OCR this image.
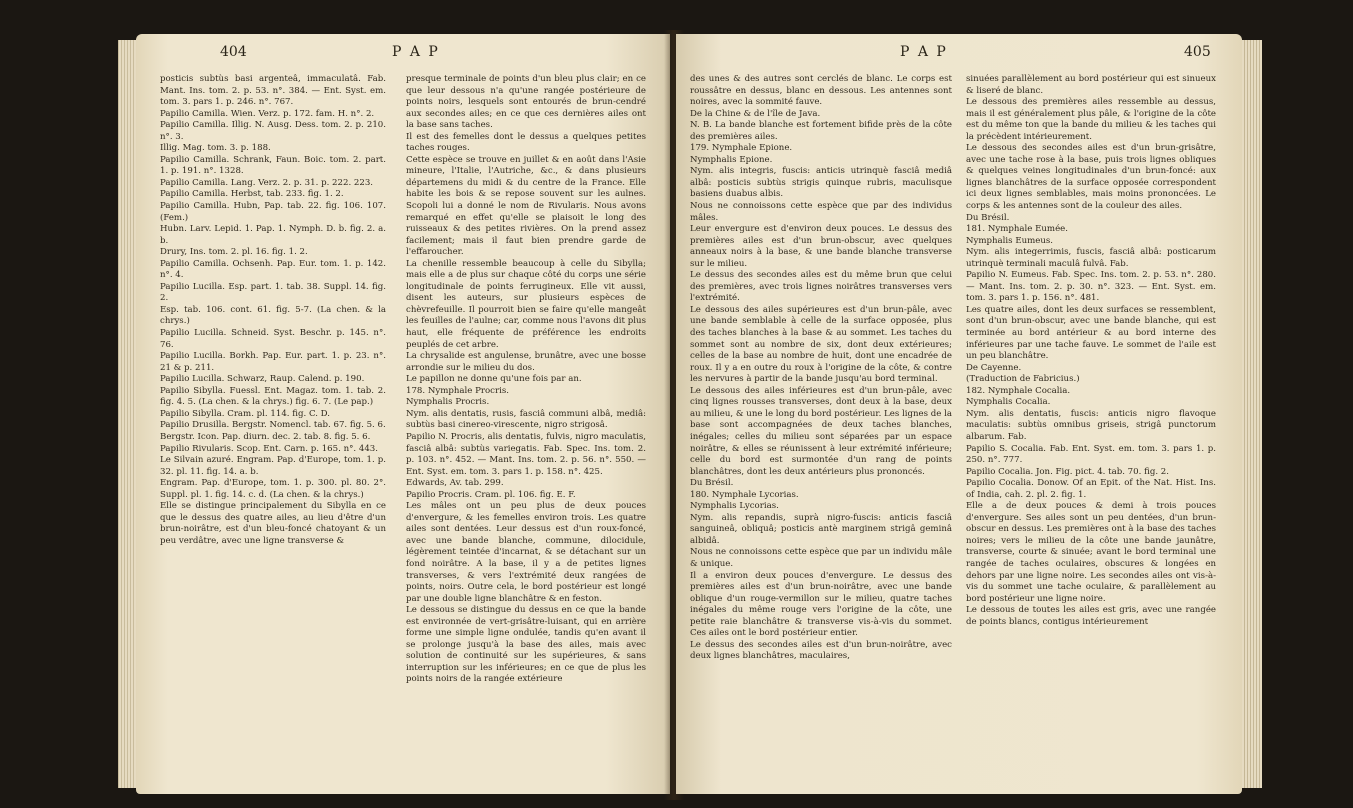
404	P A P

posticis subtùs basi argenteâ, immaculatâ. Fab. Mant. Ins. tom. 2. p. 53. n°. 384. — Ent. Syst. em. tom. 3. pars 1. p. 246. n°. 767.

Papilio Camilla. Wien. Verz. p. 172. fam. H. n°. 2.

Papilio Camilla. Illig. N. Ausg. Dess. tom. 2. p. 210. n°. 3.

Illig. Mag. tom. 3. p. 188.

Papilio Camilla. Schrank, Faun. Boic. tom. 2. part. 1. p. 191. n°. 1328.

Papilio Camilla. Lang. Verz. 2. p. 31. p. 222. 223.

Papilio Camilla. Herbst, tab. 233. fig. 1. 2.

Papilio Camilla. Hubn, Pap. tab. 22. fig. 106. 107. (Fem.)

Hubn. Larv. Lepid. 1. Pap. 1. Nymph. D. b. fig. 2. a. b.

Drury, Ins. tom. 2. pl. 16. fig. 1. 2.

Papilio Camilla. Ochsenh. Pap. Eur. tom. 1. p. 142. n°. 4.

Papilio Lucilla. Esp. part. 1. tab. 38. Suppl. 14. fig. 2.

Esp. tab. 106. cont. 61. fig. 5-7. (La chen. & la chrys.)

Papilio Lucilla. Schneid. Syst. Beschr. p. 145. n°. 76.

Papilio Lucilla. Borkh. Pap. Eur. part. 1. p. 23. n°. 21 & p. 211.

Papilio Lucilla. Schwarz, Raup. Calend. p. 190.

Papilio Sibylla. Fuessl. Ent. Magaz. tom. 1. tab. 2. fig. 4. 5. (La chen. & la chrys.) fig. 6. 7. (Le pap.)

Papilio Sibylla. Cram. pl. 114. fig. C. D.

Papilio Drusilla. Bergstr. Nomencl. tab. 67. fig. 5. 6.

Bergstr. Icon. Pap. diurn. dec. 2. tab. 8. fig. 5. 6.

Papilio Rivularis. Scop. Ent. Carn. p. 165. n°. 443.

Le Silvain azuré. Engram. Pap. d'Europe, tom. 1. p. 32. pl. 11. fig. 14. a. b.

Engram. Pap. d'Europe, tom. 1. p. 300. pl. 80. 2°. Suppl. pl. 1. fig. 14. c. d. (La chen. & la chrys.)

Elle se distingue principalement du Sibylla en ce que le dessus des quatre ailes, au lieu d'être d'un brun-noirâtre, est d'un bleu-foncé chatoyant & un peu verdâtre, avec une ligne transverse &

presque terminale de points d'un bleu plus clair; en ce que leur dessous n'a qu'une rangée postérieure de points noirs, lesquels sont entourés de brun-cendré aux secondes ailes; en ce que ces dernières ailes ont la base sans taches.

Il est des femelles dont le dessus a quelques petites taches rouges.

Cette espèce se trouve en juillet & en août dans l'Asie mineure, l'Italie, l'Autriche, &c., & dans plusieurs départemens du midi & du centre de la France. Elle habite les bois & se repose souvent sur les aulnes. Scopoli lui a donné le nom de Rivularis. Nous avons remarqué en effet qu'elle se plaisoit le long des ruisseaux & des petites rivières. On la prend assez facilement; mais il faut bien prendre garde de l'effaroucher.

La chenille ressemble beaucoup à celle du Sibylla; mais elle a de plus sur chaque côté du corps une série longitudinale de points ferrugineux. Elle vit aussi, disent les auteurs, sur plusieurs espèces de chèvrefeuille. Il pourroit bien se faire qu'elle mangeât les feuilles de l'aulne; car, comme nous l'avons dit plus haut, elle fréquente de préférence les endroits peuplés de cet arbre.

La chrysalide est angulense, brunâtre, avec une bosse arrondie sur le milieu du dos.

Le papillon ne donne qu'une fois par an.

178. Nymphale Procris.

Nymphalis Procris.

Nym. alis dentatis, rusis, fasciâ communi albâ, mediâ: subtùs basi cinereo-virescente, nigro strigosâ.

Papilio N. Procris, alis dentatis, fulvis, nigro maculatis, fasciâ albâ: subtùs variegatis. Fab. Spec. Ins. tom. 2. p. 103. n°. 452. — Mant. Ins. tom. 2. p. 56. n°. 550. — Ent. Syst. em. tom. 3. pars 1. p. 158. n°. 425.

Edwards, Av. tab. 299.

Papilio Procris. Cram. pl. 106. fig. E. F.

Les mâles ont un peu plus de deux pouces d'envergure, & les femelles environ trois. Les quatre ailes sont dentées. Leur dessus est d'un roux-foncé, avec une bande blanche, commune, dilocidule, légèrement teintée d'incarnat, & se détachant sur un fond noirâtre. A la base, il y a de petites lignes transverses, & vers l'extrémité deux rangées de points, noirs. Outre cela, le bord postérieur est longé par une double ligne blanchâtre & en feston.

Le dessous se distingue du dessus en ce que la bande est environnée de vert-grisâtre-luisant, qui en arrière forme une simple ligne ondulée, tandis qu'en avant il se prolonge jusqu'à la base des ailes, mais avec solution de continuité sur les supérieures, & sans interruption sur les inférieures; en ce que de plus les points noirs de la rangée extérieure

P A P	405

des unes & des autres sont cerclés de blanc. Le corps est roussâtre en dessus, blanc en dessous. Les antennes sont noires, avec la sommité fauve.

De la Chine & de l'île de Java.

N. B. La bande blanche est fortement bifide près de la côte des premières ailes.

179. Nymphale Epione.

Nymphalis Epione.

Nym. alis integris, fuscis: anticis utrinquè fasciâ mediâ albâ: posticis subtùs strigis quinque rubris, maculisque basiens duabus albis.

Nous ne connoissons cette espèce que par des individus mâles.

Leur envergure est d'environ deux pouces. Le dessus des premières ailes est d'un brun-obscur, avec quelques anneaux noirs à la base, & une bande blanche transverse sur le milieu.

Le dessus des secondes ailes est du même brun que celui des premières, avec trois lignes noirâtres transverses vers l'extrémité.

Le dessous des ailes supérieures est d'un brun-pâle, avec une bande semblable à celle de la surface opposée, plus des taches blanches à la base & au sommet. Les taches du sommet sont au nombre de six, dont deux extérieures; celles de la base au nombre de huit, dont une encadrée de roux. Il y a en outre du roux à l'origine de la côte, & contre les nervures à partir de la bande jusqu'au bord terminal.

Le dessous des ailes inférieures est d'un brun-pâle, avec cinq lignes rousses transverses, dont deux à la base, deux au milieu, & une le long du bord postérieur. Les lignes de la base sont accompagnées de deux taches blanches, inégales; celles du milieu sont séparées par un espace noirâtre, & elles se réunissent à leur extrémité inférieure; celle du bord est surmontée d'un rang de points blanchâtres, dont les deux antérieurs plus prononcés.

Du Brésil.

180. Nymphale Lycorias.

Nymphalis Lycorias.

Nym. alis repandis, suprà nigro-fuscis: anticis fasciâ sanguineâ, obliquâ; posticis antè marginem strigâ geminâ albidâ.

Nous ne connoissons cette espèce que par un individu mâle & unique.

Il a environ deux pouces d'envergure. Le dessus des premières ailes est d'un brun-noirâtre, avec une bande oblique d'un rouge-vermillon sur le milieu, quatre taches inégales du même rouge vers l'origine de la côte, une petite raie blanchâtre & transverse vis-à-vis du sommet. Ces ailes ont le bord postérieur entier.

Le dessus des secondes ailes est d'un brun-noirâtre, avec deux lignes blanchâtres, maculaires,

sinuées parallèlement au bord postérieur qui est sinueux & liseré de blanc.

Le dessous des premières ailes ressemble au dessus, mais il est généralement plus pâle, & l'origine de la côte est du même ton que la bande du milieu & les taches qui la précèdent intérieurement.

Le dessous des secondes ailes est d'un brun-grisâtre, avec une tache rose à la base, puis trois lignes obliques & quelques veines longitudinales d'un brun-foncé: aux lignes blanchâtres de la surface opposée correspondent ici deux lignes semblables, mais moins prononcées. Le corps & les antennes sont de la couleur des ailes.

Du Brésil.

181. Nymphale Eumée.

Nymphalis Eumeus.

Nym. alis integerrimis, fuscis, fasciâ albâ: posticarum utrinquè terminali maculâ fulvâ. Fab.

Papilio N. Eumeus. Fab. Spec. Ins. tom. 2. p. 53. n°. 280. — Mant. Ins. tom. 2. p. 30. n°. 323. — Ent. Syst. em. tom. 3. pars 1. p. 156. n°. 481.

Les quatre ailes, dont les deux surfaces se ressemblent, sont d'un brun-obscur, avec une bande blanche, qui est terminée au bord antérieur & au bord interne des inférieures par une tache fauve. Le sommet de l'aile est un peu blanchâtre.

De Cayenne.

(Traduction de Fabricius.)

182. Nymphale Cocalia.

Nymphalis Cocalia.

Nym. alis dentatis, fuscis: anticis nigro flavoque maculatis: subtùs omnibus griseis, strigâ punctorum albarum. Fab.

Papilio S. Cocalia. Fab. Ent. Syst. em. tom. 3. pars 1. p. 250. n°. 777.

Papilio Cocalia. Jon. Fig. pict. 4. tab. 70. fig. 2.

Papilio Cocalia. Donow. Of an Epit. of the Nat. Hist. Ins. of India, cah. 2. pl. 2. fig. 1.

Elle a de deux pouces & demi à trois pouces d'envergure. Ses ailes sont un peu dentées, d'un brun-obscur en dessus. Les premières ont à la base des taches noires; vers le milieu de la côte une bande jaunâtre, transverse, courte & sinuée; avant le bord terminal une rangée de taches oculaires, obscures & longées en dehors par une ligne noire. Les secondes ailes ont vis-à-vis du sommet une tache oculaire, & parallèlement au bord postérieur une ligne noire.

Le dessous de toutes les ailes est gris, avec une rangée de points blancs, contigus intérieurement
